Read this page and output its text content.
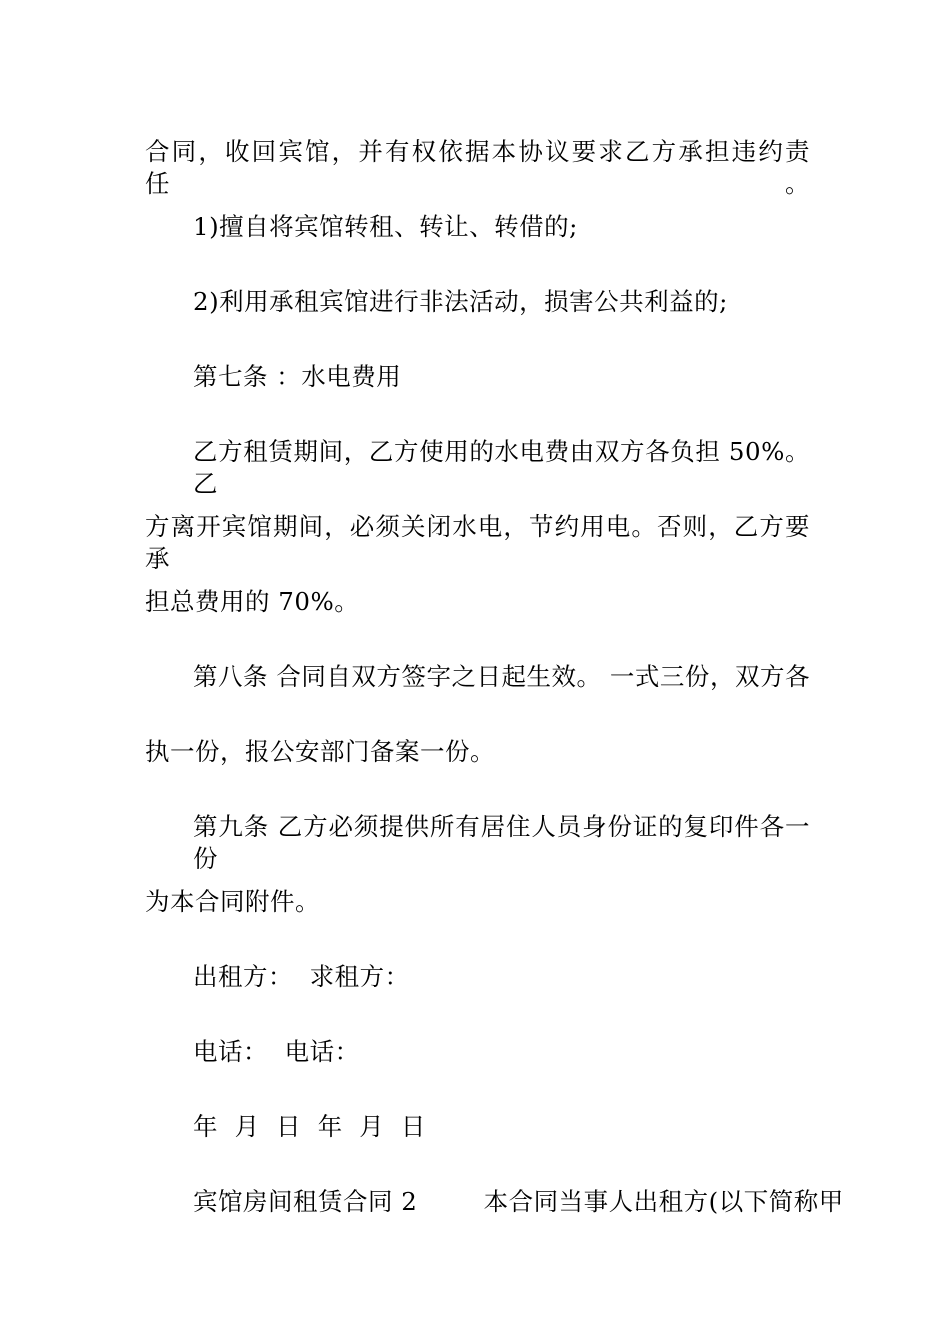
合同，收回宾馆，并有权依据本协议要求乙方承担违约责任。
1)擅自将宾馆转租、转让、转借的;
2)利用承租宾馆进行非法活动，损害公共利益的;
第七条 ：水电费用
乙方租赁期间，乙方使用的水电费由双方各负担 50%。乙
方离开宾馆期间，必须关闭水电，节约用电。否则，乙方要承
担总费用的 70%。
第八条 合同自双方签字之日起生效。 一式三份，双方各
执一份，报公安部门备案一份。
第九条 乙方必须提供所有居住人员身份证的复印件各一份
为本合同附件。
出租方：  求租方：
电话：  电话：
年  月  日  年  月  日
宾馆房间租赁合同 2        本合同当事人出租方(以下简称甲
